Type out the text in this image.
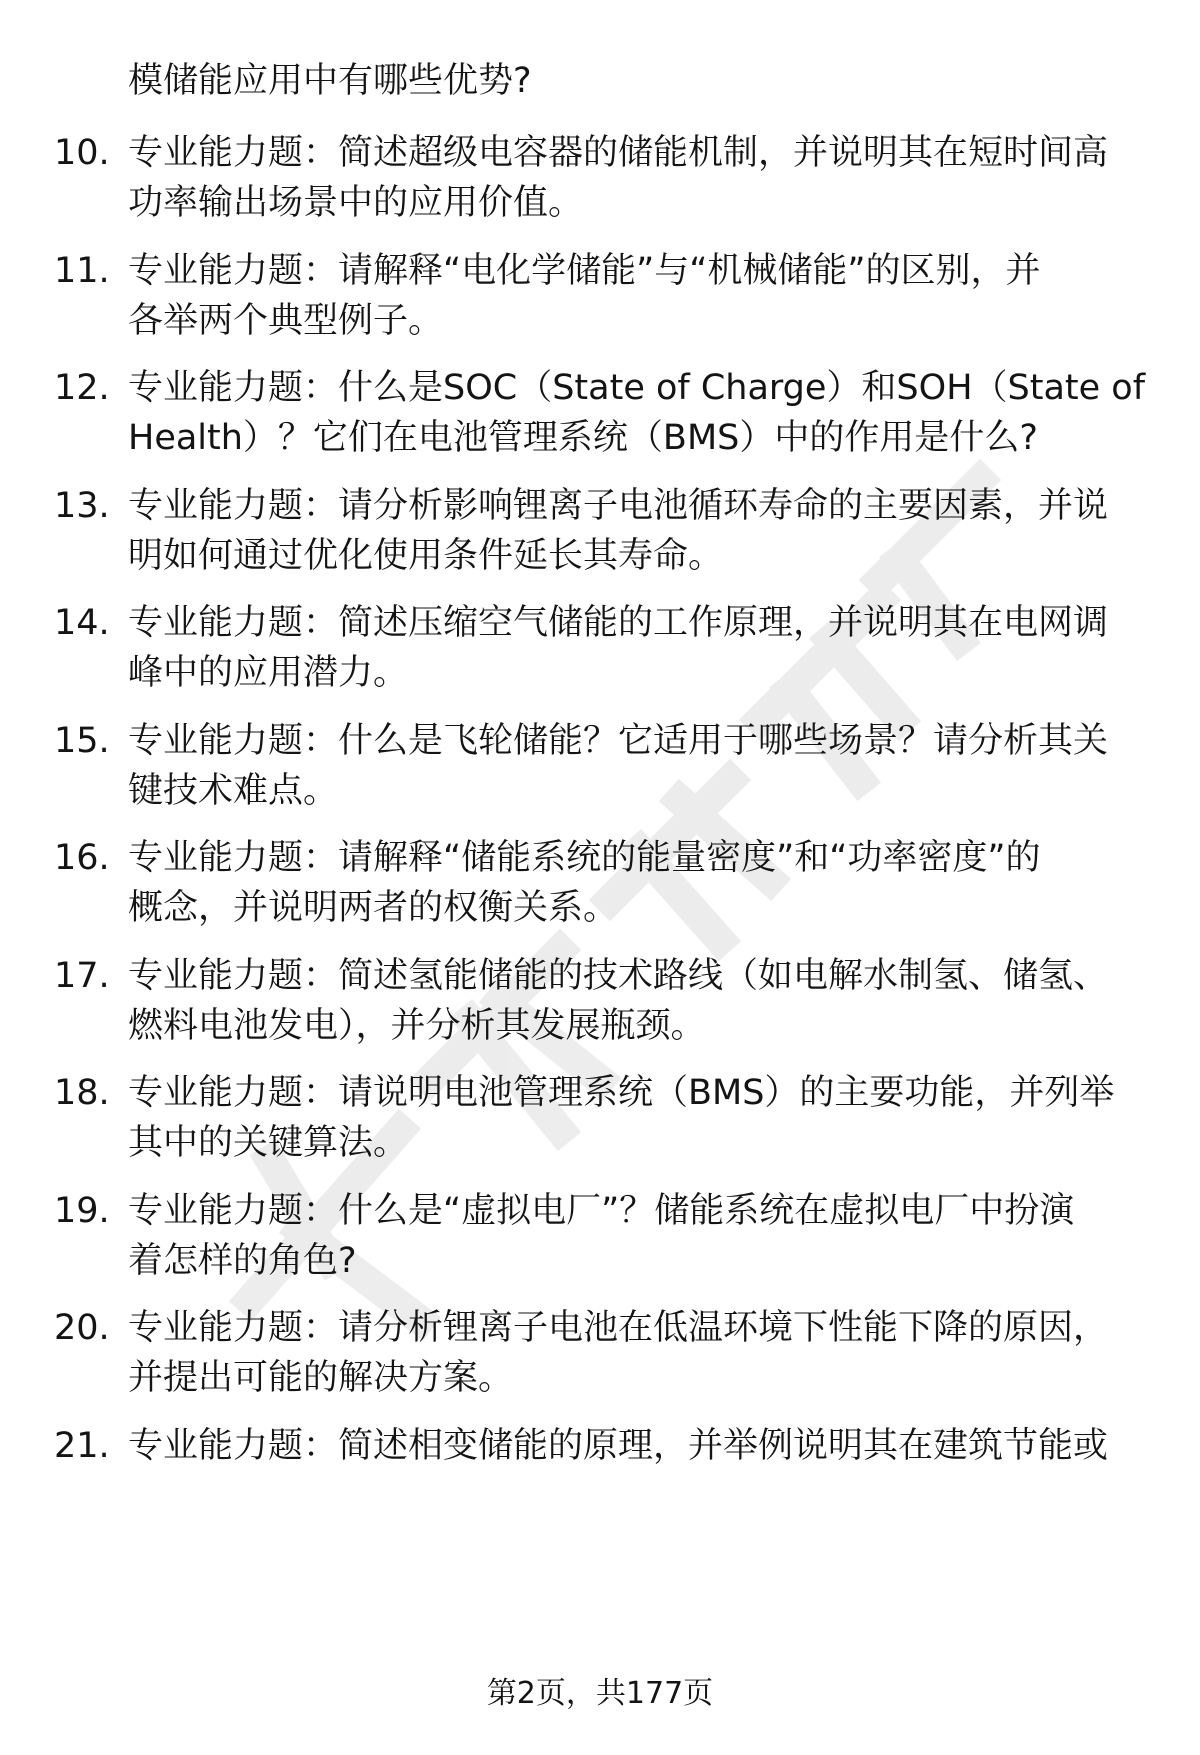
模储能应用中有哪些优势?
10. 专业能力题：简述超级电容器的储能机制，并说明其在短时间高
功率输出场景中的应用价值。
11. 专业能力题：请解释“电化学储能”与“机械储能”的区别，并
各举两个典型例子。
12. 专业能力题：什么是SOC（State of Charge）和SOH（State of
Health）？它们在电池管理系统（BMS）中的作用是什么?
13. 专业能力题：请分析影响锂离子电池循环寿命的主要因素，并说
明如何通过优化使用条件延长其寿命。
14. 专业能力题：简述压缩空气储能的工作原理，并说明其在电网调
峰中的应用潜力。
15. 专业能力题：什么是飞轮储能？它适用于哪些场景？请分析其关
键技术难点。
16. 专业能力题：请解释“储能系统的能量密度”和“功率密度”的
概念，并说明两者的权衡关系。
17. 专业能力题：简述氢能储能的技术路线（如电解水制氢、储氢、
燃料电池发电），并分析其发展瓶颈。
18. 专业能力题：请说明电池管理系统（BMS）的主要功能，并列举
其中的关键算法。
19. 专业能力题：什么是“虚拟电厂”？储能系统在虚拟电厂中扮演
着怎样的角色?
20. 专业能力题：请分析锂离子电池在低温环境下性能下降的原因，
并提出可能的解决方案。
21. 专业能力题：简述相变储能的原理，并举例说明其在建筑节能或
第2页，共177页
